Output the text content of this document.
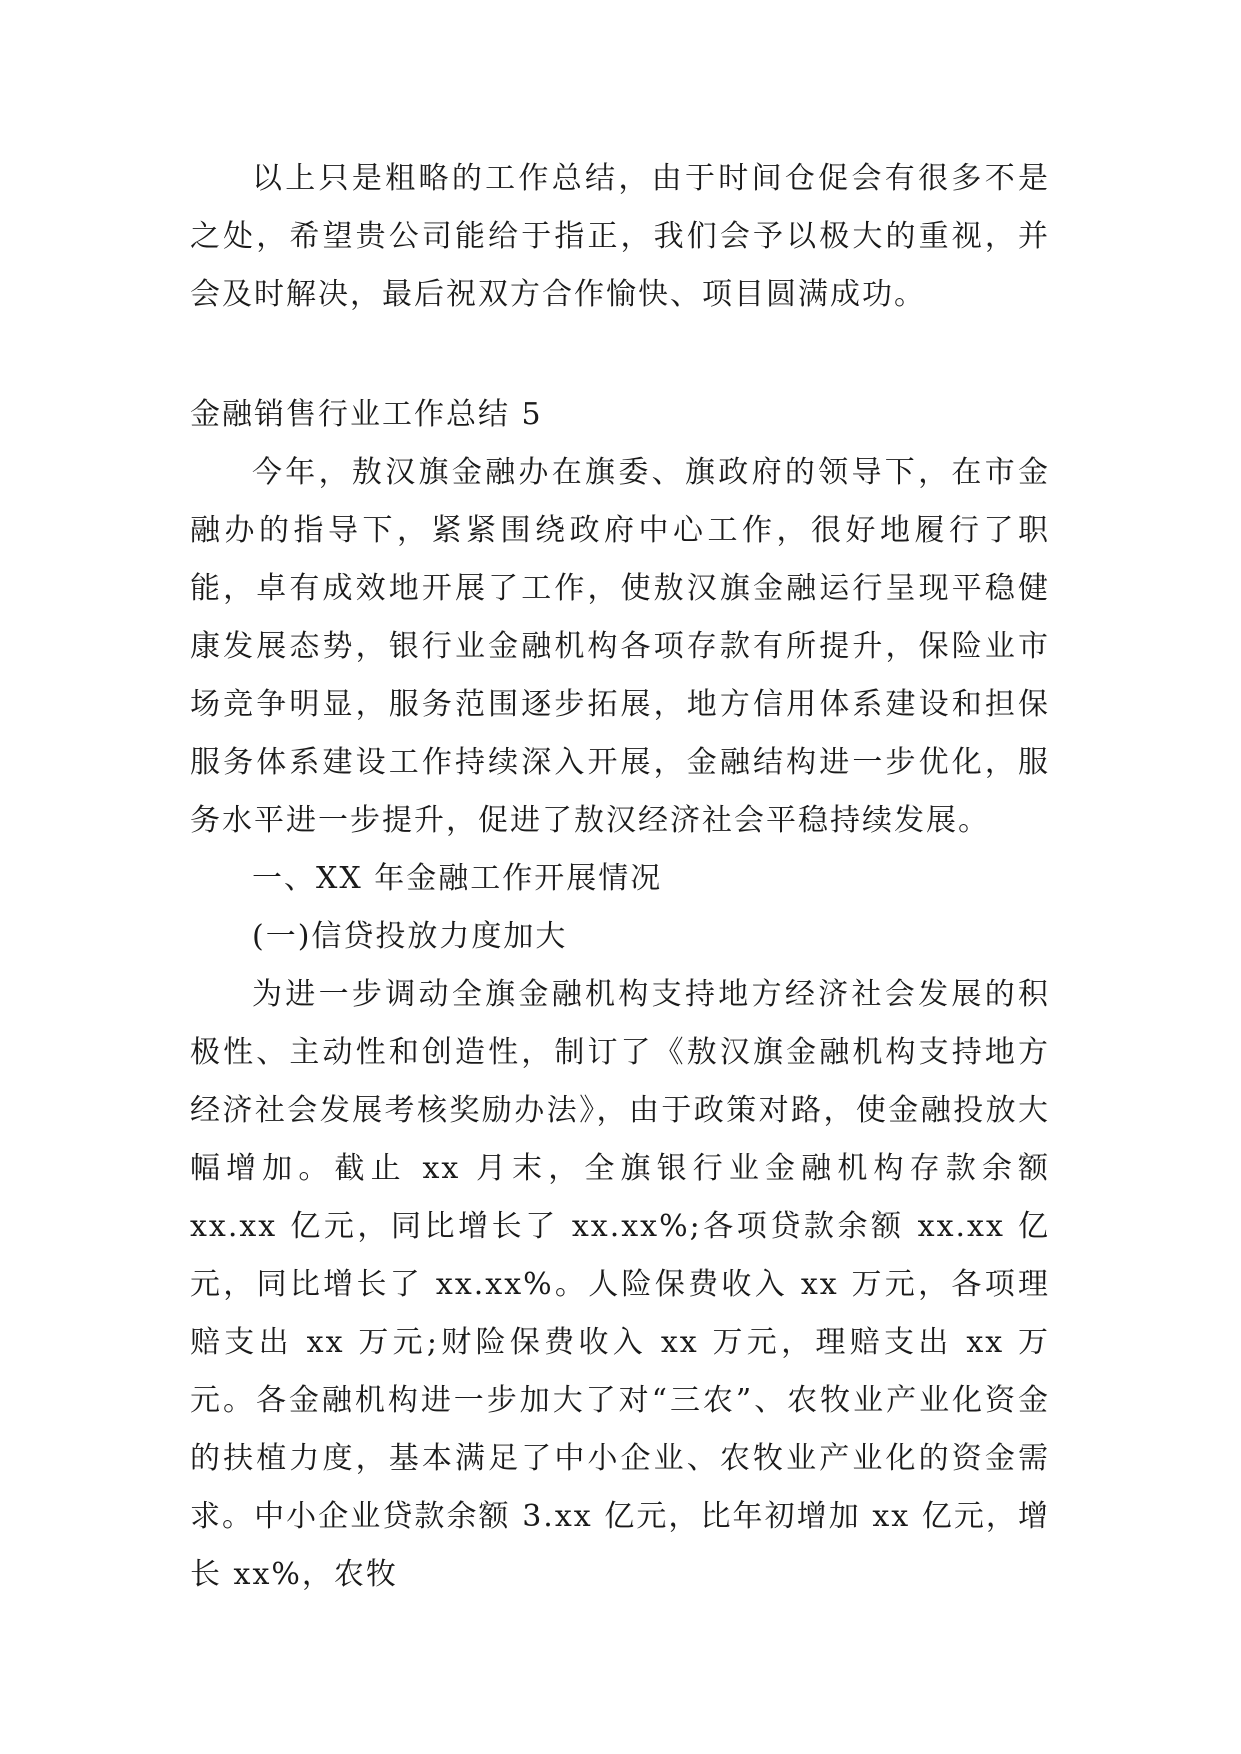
以上只是粗略的工作总结，由于时间仓促会有很多不是之处，希望贵公司能给于指正，我们会予以极大的重视，并会及时解决，最后祝双方合作愉快、项目圆满成功。

金融销售行业工作总结 5

今年，敖汉旗金融办在旗委、旗政府的领导下，在市金融办的指导下，紧紧围绕政府中心工作，很好地履行了职能，卓有成效地开展了工作，使敖汉旗金融运行呈现平稳健康发展态势，银行业金融机构各项存款有所提升，保险业市场竞争明显，服务范围逐步拓展，地方信用体系建设和担保服务体系建设工作持续深入开展，金融结构进一步优化，服务水平进一步提升，促进了敖汉经济社会平稳持续发展。

一、XX 年金融工作开展情况

(一)信贷投放力度加大

为进一步调动全旗金融机构支持地方经济社会发展的积极性、主动性和创造性，制订了《敖汉旗金融机构支持地方经济社会发展考核奖励办法》，由于政策对路，使金融投放大幅增加。截止 xx 月末，全旗银行业金融机构存款余额 xx.xx 亿元，同比增长了 xx.xx%;各项贷款余额 xx.xx 亿元，同比增长了 xx.xx%。人险保费收入 xx 万元，各项理赔支出 xx 万元;财险保费收入 xx 万元，理赔支出 xx 万元。各金融机构进一步加大了对“三农”、农牧业产业化资金的扶植力度，基本满足了中小企业、农牧业产业化的资金需求。中小企业贷款余额 3.xx 亿元，比年初增加 xx 亿元，增长 xx%，农牧
